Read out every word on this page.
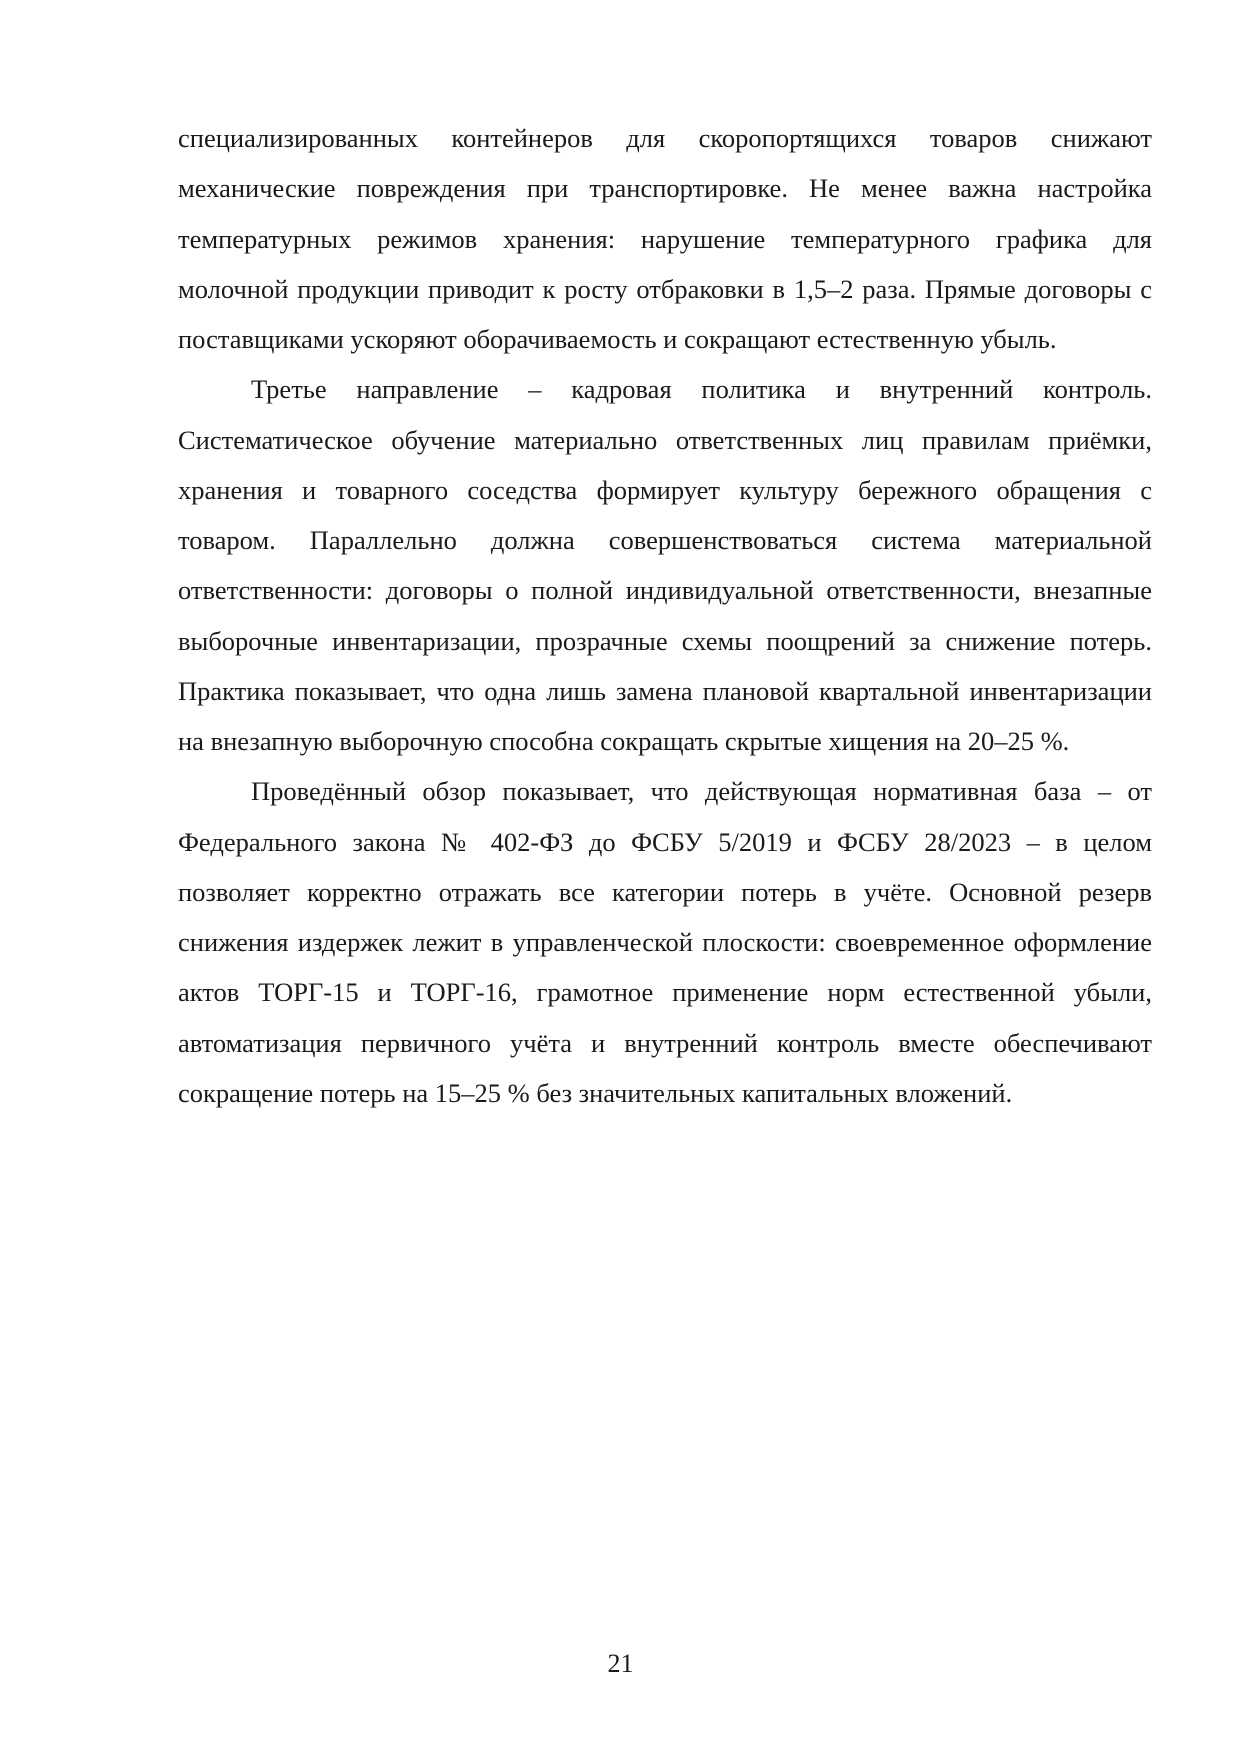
специализированных контейнеров для скоропортящихся товаров снижают механические повреждения при транспортировке. Не менее важна настройка температурных режимов хранения: нарушение температурного графика для молочной продукции приводит к росту отбраковки в 1,5–2 раза. Прямые договоры с поставщиками ускоряют оборачиваемость и сокращают естественную убыль.

Третье направление – кадровая политика и внутренний контроль. Систематическое обучение материально ответственных лиц правилам приёмки, хранения и товарного соседства формирует культуру бережного обращения с товаром. Параллельно должна совершенствоваться система материальной ответственности: договоры о полной индивидуальной ответственности, внезапные выборочные инвентаризации, прозрачные схемы поощрений за снижение потерь. Практика показывает, что одна лишь замена плановой квартальной инвентаризации на внезапную выборочную способна сокращать скрытые хищения на 20–25 %.

Проведённый обзор показывает, что действующая нормативная база – от Федерального закона № 402-ФЗ до ФСБУ 5/2019 и ФСБУ 28/2023 – в целом позволяет корректно отражать все категории потерь в учёте. Основной резерв снижения издержек лежит в управленческой плоскости: своевременное оформление актов ТОРГ-15 и ТОРГ-16, грамотное применение норм естественной убыли, автоматизация первичного учёта и внутренний контроль вместе обеспечивают сокращение потерь на 15–25 % без значительных капитальных вложений.

21
